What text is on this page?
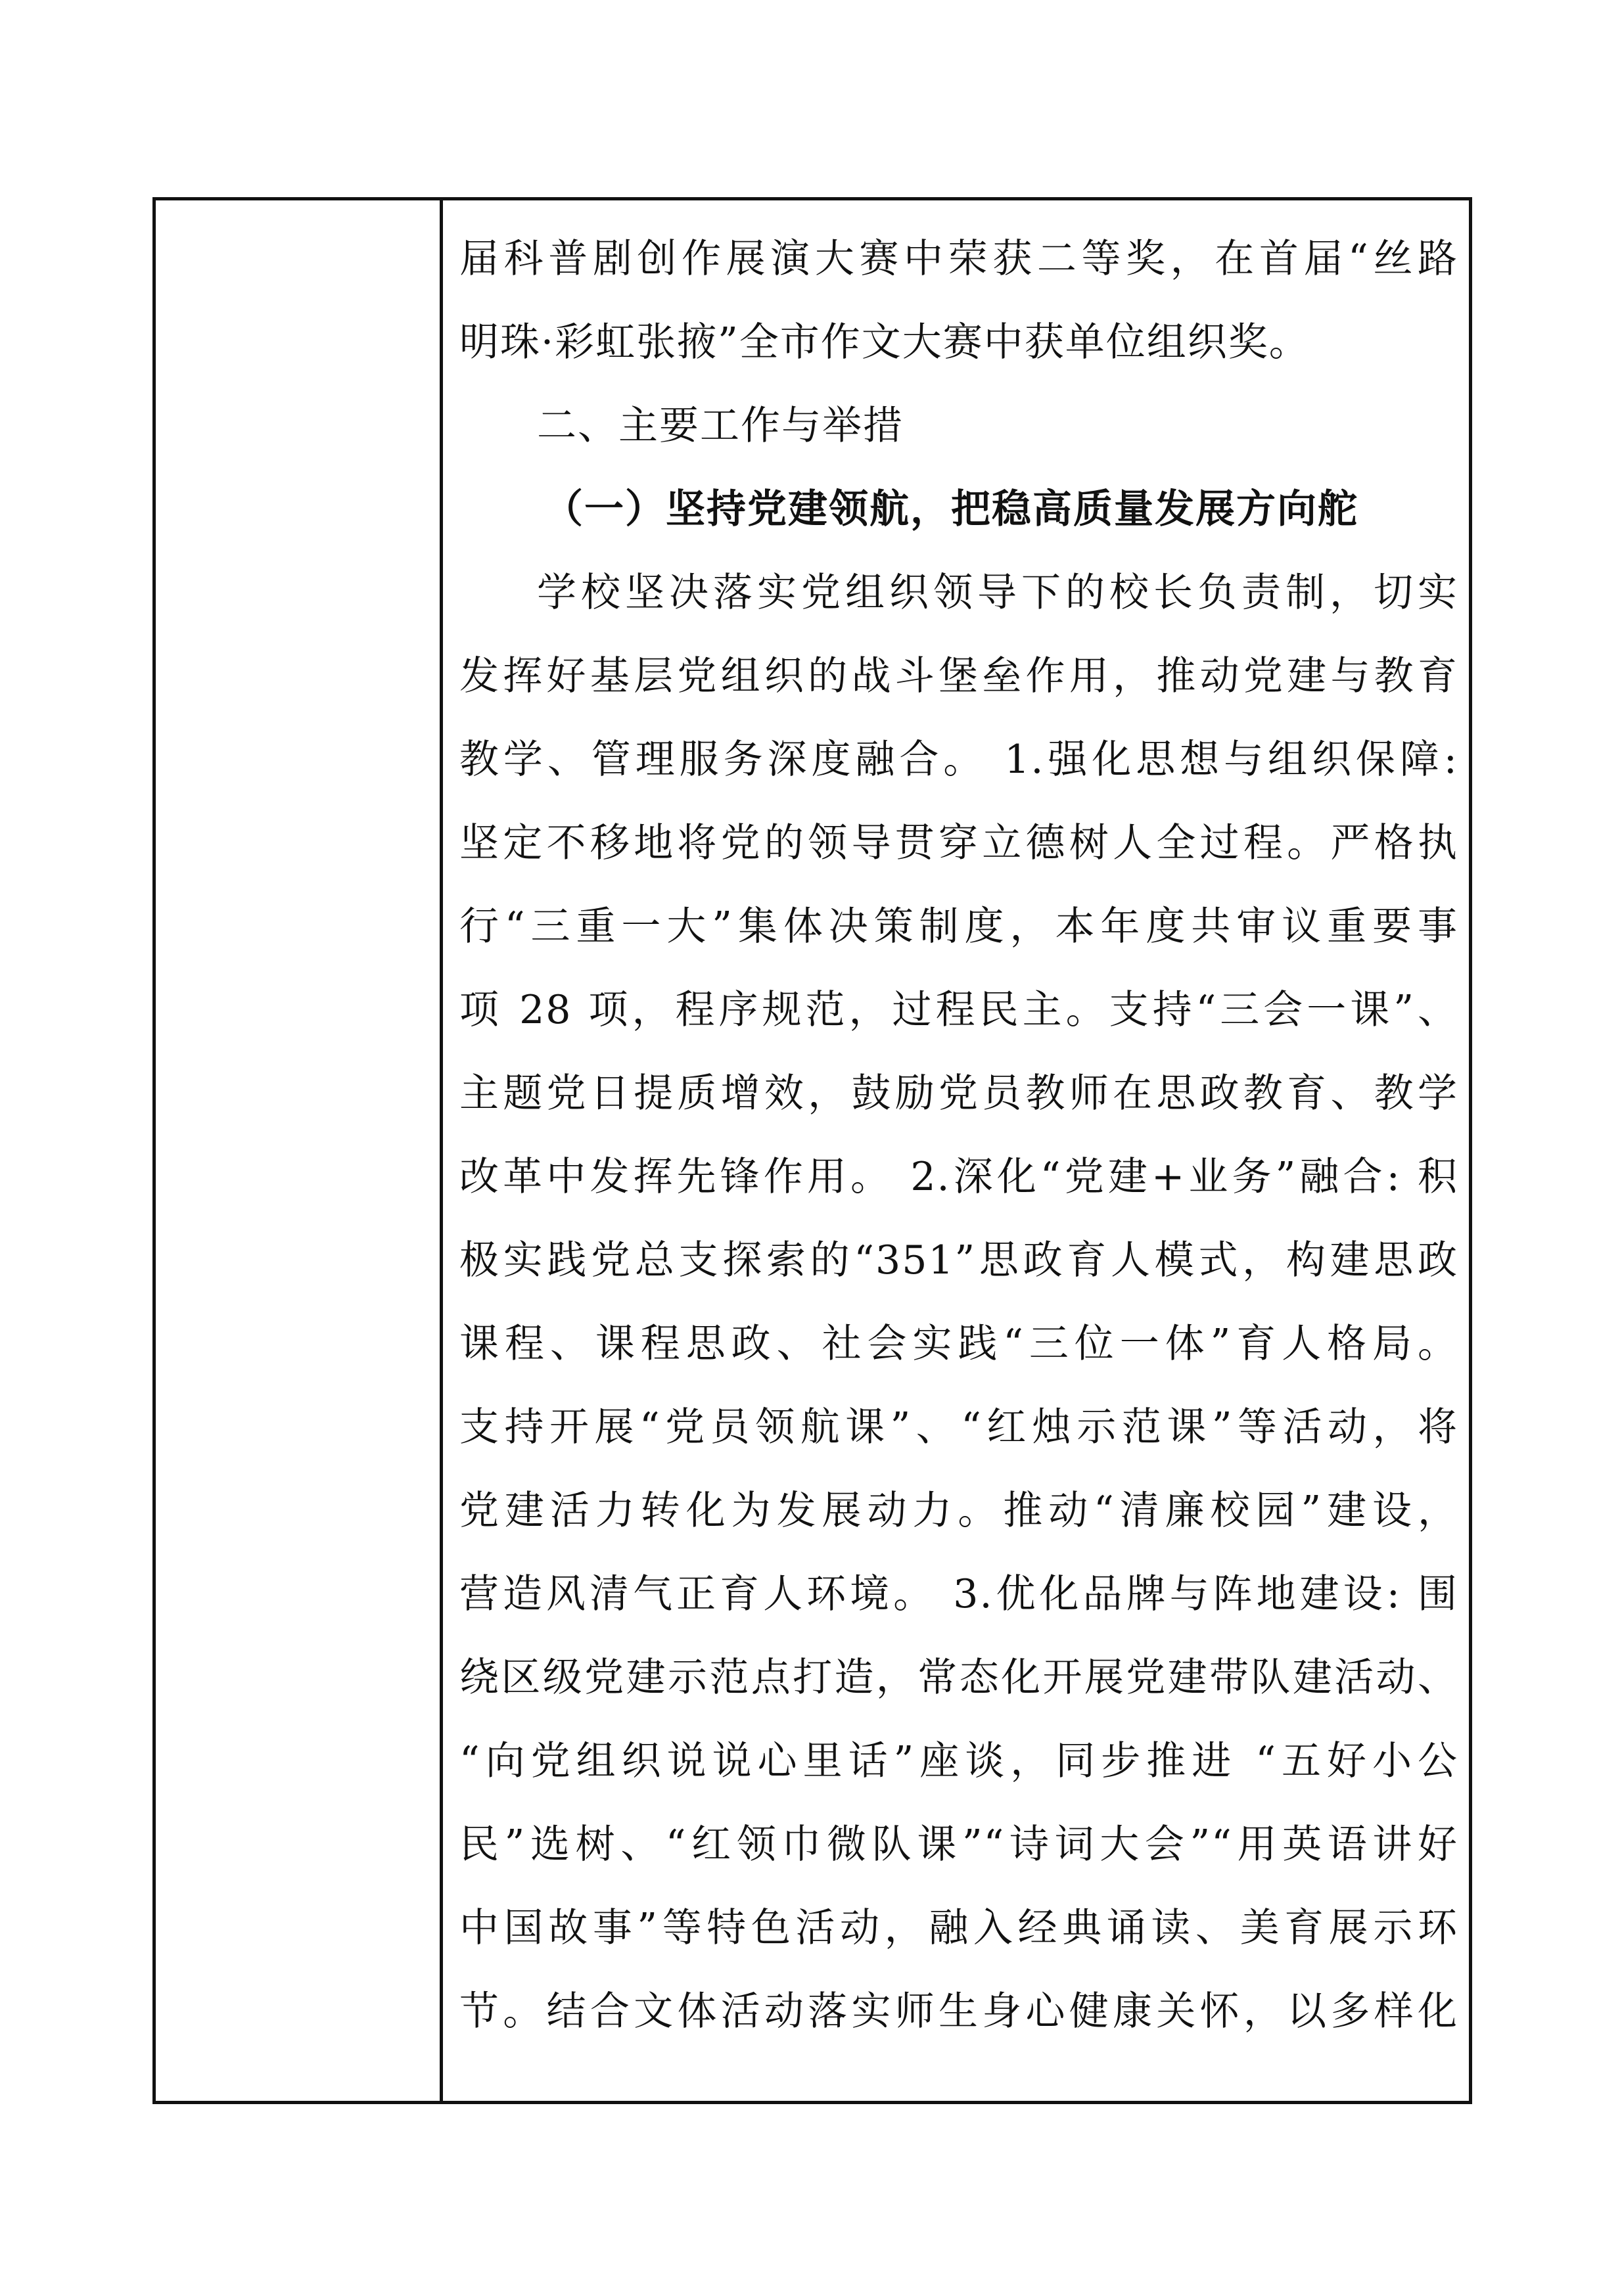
届科普剧创作展演大赛中荣获二等奖，在首届“丝路
明珠·彩虹张掖”全市作文大赛中获单位组织奖。
二、主要工作与举措
（一）坚持党建领航，把稳高质量发展方向舵
学校坚决落实党组织领导下的校长负责制，切实
发挥好基层党组织的战斗堡垒作用，推动党建与教育
教学、管理服务深度融合。 1.强化思想与组织保障:
坚定不移地将党的领导贯穿立德树人全过程。严格执
行“三重一大”集体决策制度，本年度共审议重要事
项 28 项，程序规范，过程民主。支持“三会一课”、
主题党日提质增效，鼓励党员教师在思政教育、教学
改革中发挥先锋作用。 2.深化“党建+业务”融合: 积
极实践党总支探索的“351”思政育人模式，构建思政
课程、课程思政、社会实践“三位一体”育人格局。
支持开展“党员领航课”、“红烛示范课”等活动，将
党建活力转化为发展动力。推动“清廉校园”建设，
营造风清气正育人环境。 3.优化品牌与阵地建设: 围
绕区级党建示范点打造，常态化开展党建带队建活动、
“向党组织说说心里话”座谈，同步推进 “五好小公
民”选树、“红领巾微队课”“诗词大会”“用英语讲好
中国故事”等特色活动，融入经典诵读、美育展示环
节。结合文体活动落实师生身心健康关怀，以多样化
